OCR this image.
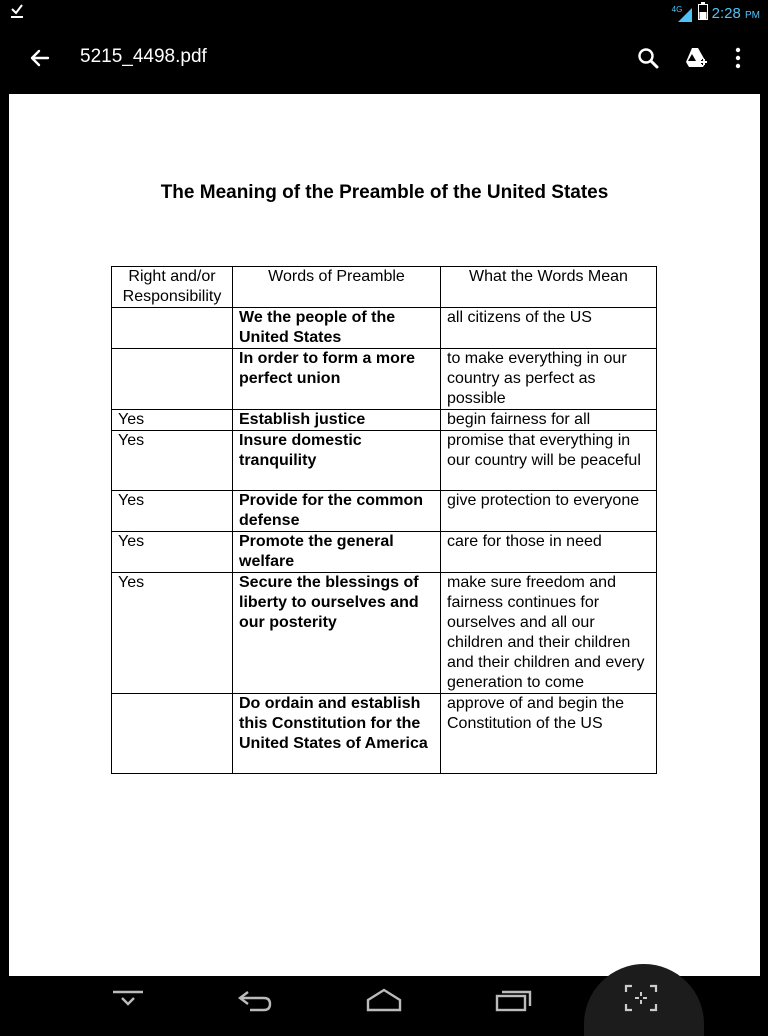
4G 2:28 PM
5215_4498.pdf
The Meaning of the Preamble of the United States
Right and/or Responsibility	Words of Preamble	What the Words Mean
	We the people of the United States	all citizens of the US
	In order to form a more perfect union	to make everything in our country as perfect as possible
Yes	Establish justice	begin fairness for all
Yes	Insure domestic tranquility	promise that everything in our country will be peaceful
Yes	Provide for the common defense	give protection to everyone
Yes	Promote the general welfare	care for those in need
Yes	Secure the blessings of liberty to ourselves and our posterity	make sure freedom and fairness continues for ourselves and all our children and their children and their children and every generation to come
	Do ordain and establish this Constitution for the United States of America	approve of and begin the Constitution of the US
